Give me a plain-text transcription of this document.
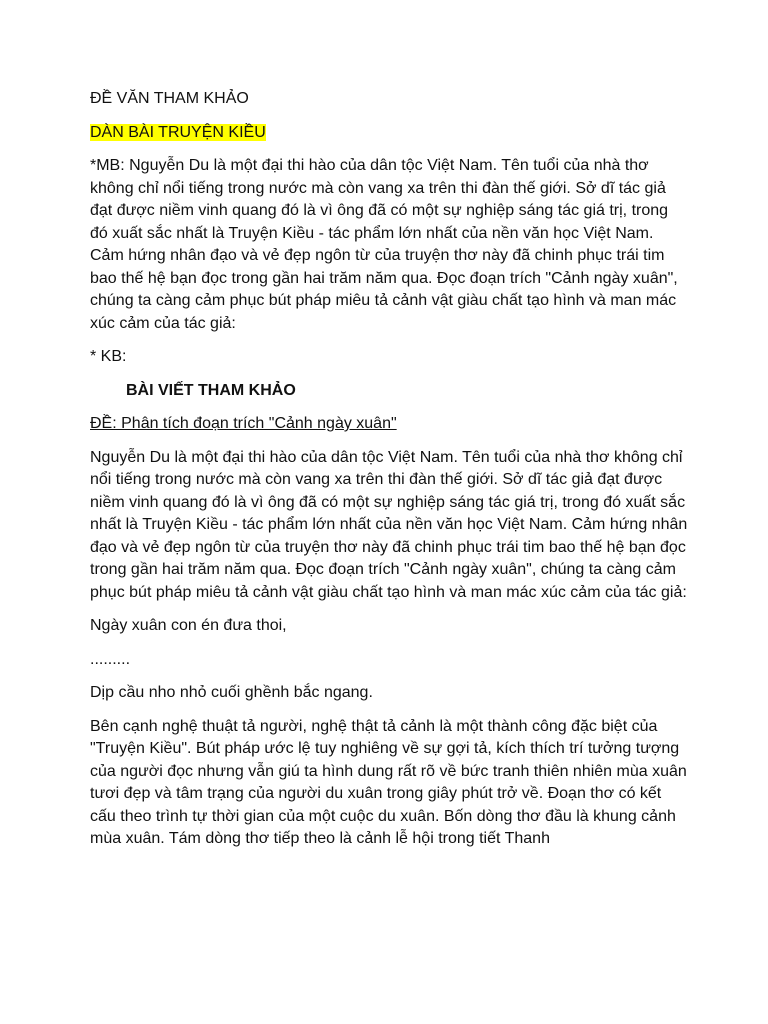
ĐỀ VĂN THAM KHẢO

DÀN BÀI TRUYỆN KIỀU

*MB: Nguyễn Du là một đại thi hào của dân tộc Việt Nam. Tên tuổi của nhà thơ không chỉ nổi tiếng trong nước mà còn vang xa trên thi đàn thế giới. Sở dĩ tác giả đạt được niềm vinh quang đó là vì ông đã có một sự nghiệp sáng tác giá trị, trong đó xuất sắc nhất là Truyện Kiều - tác phẩm lớn nhất của nền văn học Việt Nam. Cảm hứng nhân đạo và vẻ đẹp ngôn từ của truyện thơ này đã chinh phục trái tim bao thế hệ bạn đọc trong gần hai trăm năm qua. Đọc đoạn trích "Cảnh ngày xuân", chúng ta càng cảm phục bút pháp miêu tả cảnh vật giàu chất tạo hình và man mác xúc cảm của tác giả:

* KB:

BÀI VIẾT THAM KHẢO

ĐỀ: Phân tích đoạn trích "Cảnh ngày xuân"

Nguyễn Du là một đại thi hào của dân tộc Việt Nam. Tên tuổi của nhà thơ không chỉ nổi tiếng trong nước mà còn vang xa trên thi đàn thế giới. Sở dĩ tác giả đạt được niềm vinh quang đó là vì ông đã có một sự nghiệp sáng tác giá trị, trong đó xuất sắc nhất là Truyện Kiều - tác phẩm lớn nhất của nền văn học Việt Nam. Cảm hứng nhân đạo và vẻ đẹp ngôn từ của truyện thơ này đã chinh phục trái tim bao thế hệ bạn đọc trong gần hai trăm năm qua. Đọc đoạn trích "Cảnh ngày xuân", chúng ta càng cảm phục bút pháp miêu tả cảnh vật giàu chất tạo hình và man mác xúc cảm của tác giả:

Ngày xuân con én đưa thoi,

.........

Dịp cầu nho nhỏ cuối ghềnh bắc ngang.

Bên cạnh nghệ thuật tả người, nghệ thật tả cảnh là một thành công đặc biệt của "Truyện Kiều". Bút pháp ước lệ tuy nghiêng về sự gợi tả, kích thích trí tưởng tượng của người đọc nhưng vẫn giú ta hình dung rất rõ về bức tranh thiên nhiên mùa xuân tươi đẹp và tâm trạng của người du xuân trong giây phút trở về. Đoạn thơ có kết cấu theo trình tự thời gian của một cuộc du xuân. Bốn dòng thơ đầu là khung cảnh mùa xuân. Tám dòng thơ tiếp theo là cảnh lễ hội trong tiết Thanh
